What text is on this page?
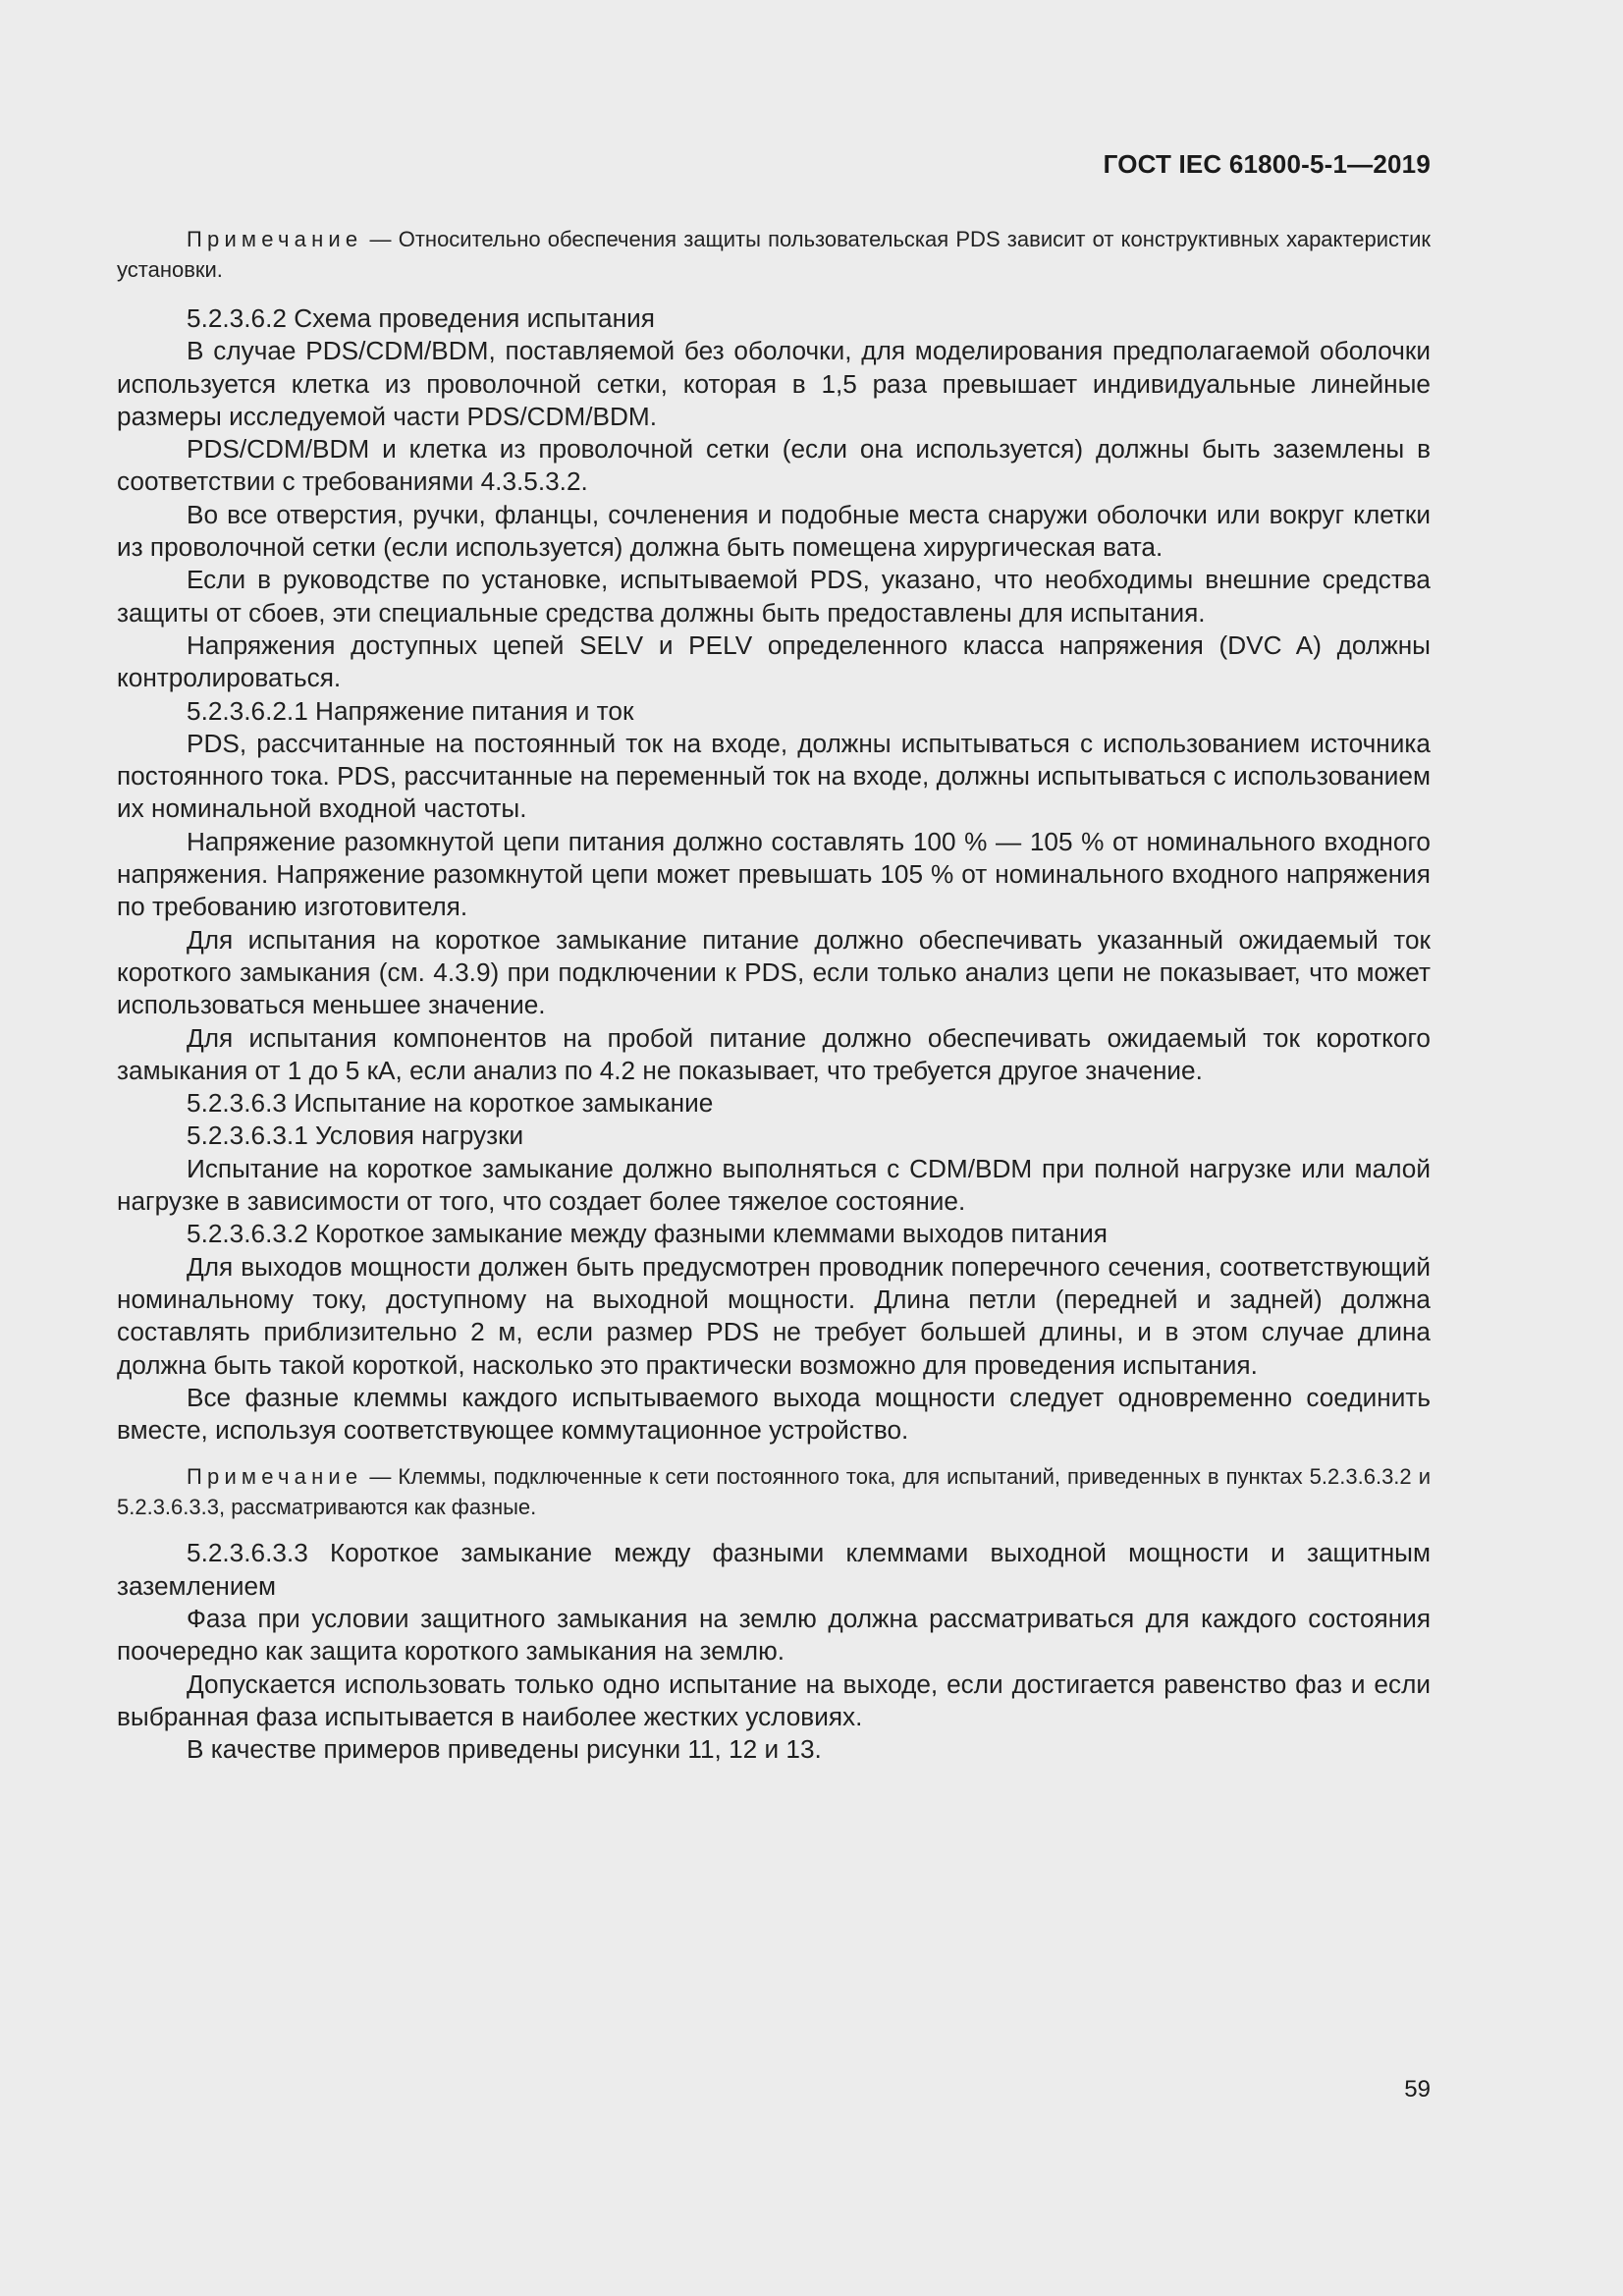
ГОСТ IEC 61800-5-1—2019

Примечание — Относительно обеспечения защиты пользовательская PDS зависит от конструктивных характеристик установки.

5.2.3.6.2 Схема проведения испытания

В случае PDS/CDM/BDM, поставляемой без оболочки, для моделирования предполагаемой оболочки используется клетка из проволочной сетки, которая в 1,5 раза превышает индивидуальные линейные размеры исследуемой части PDS/CDM/BDM.

PDS/CDM/BDM и клетка из проволочной сетки (если она используется) должны быть заземлены в соответствии с требованиями 4.3.5.3.2.

Во все отверстия, ручки, фланцы, сочленения и подобные места снаружи оболочки или вокруг клетки из проволочной сетки (если используется) должна быть помещена хирургическая вата.

Если в руководстве по установке, испытываемой PDS, указано, что необходимы внешние средства защиты от сбоев, эти специальные средства должны быть предоставлены для испытания.

Напряжения доступных цепей SELV и PELV определенного класса напряжения (DVC A) должны контролироваться.

5.2.3.6.2.1 Напряжение питания и ток

PDS, рассчитанные на постоянный ток на входе, должны испытываться с использованием источника постоянного тока. PDS, рассчитанные на переменный ток на входе, должны испытываться с использованием их номинальной входной частоты.

Напряжение разомкнутой цепи питания должно составлять 100 % — 105 % от номинального входного напряжения. Напряжение разомкнутой цепи может превышать 105 % от номинального входного напряжения по требованию изготовителя.

Для испытания на короткое замыкание питание должно обеспечивать указанный ожидаемый ток короткого замыкания (см. 4.3.9) при подключении к PDS, если только анализ цепи не показывает, что может использоваться меньшее значение.

Для испытания компонентов на пробой питание должно обеспечивать ожидаемый ток короткого замыкания от 1 до 5 кА, если анализ по 4.2 не показывает, что требуется другое значение.

5.2.3.6.3 Испытание на короткое замыкание

5.2.3.6.3.1 Условия нагрузки

Испытание на короткое замыкание должно выполняться с CDM/BDM при полной нагрузке или малой нагрузке в зависимости от того, что создает более тяжелое состояние.

5.2.3.6.3.2 Короткое замыкание между фазными клеммами выходов питания

Для выходов мощности должен быть предусмотрен проводник поперечного сечения, соответствующий номинальному току, доступному на выходной мощности. Длина петли (передней и задней) должна составлять приблизительно 2 м, если размер PDS не требует большей длины, и в этом случае длина должна быть такой короткой, насколько это практически возможно для проведения испытания.

Все фазные клеммы каждого испытываемого выхода мощности следует одновременно соединить вместе, используя соответствующее коммутационное устройство.

Примечание — Клеммы, подключенные к сети постоянного тока, для испытаний, приведенных в пунктах 5.2.3.6.3.2 и 5.2.3.6.3.3, рассматриваются как фазные.

5.2.3.6.3.3 Короткое замыкание между фазными клеммами выходной мощности и защитным заземлением

Фаза при условии защитного замыкания на землю должна рассматриваться для каждого состояния поочередно как защита короткого замыкания на землю.

Допускается использовать только одно испытание на выходе, если достигается равенство фаз и если выбранная фаза испытывается в наиболее жестких условиях.

В качестве примеров приведены рисунки 11, 12 и 13.

59
